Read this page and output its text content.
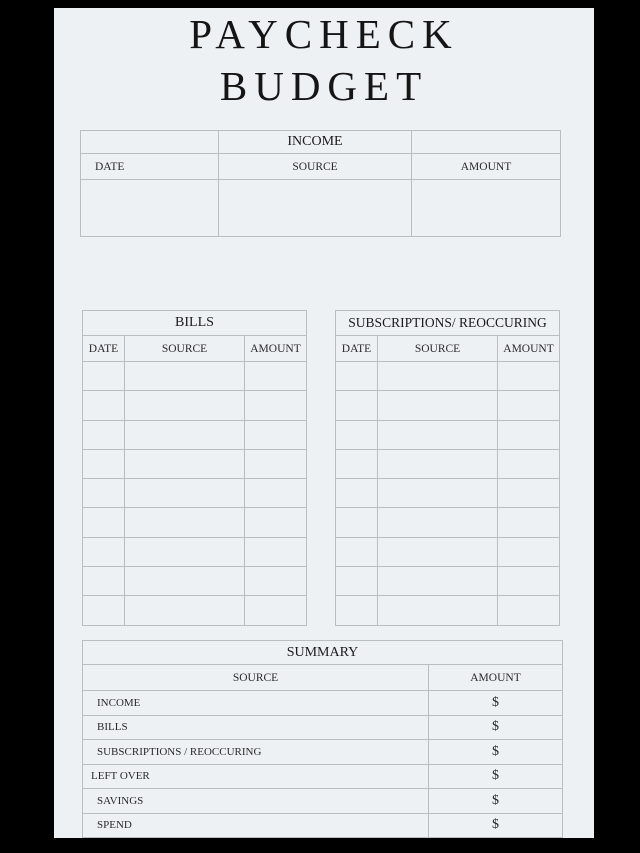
PAYCHECK
BUDGET
	INCOME	
DATE	SOURCE	AMOUNT

BILLS		
DATE	SOURCE	AMOUNT

SUBSCRIPTIONS/ REOCCURING		
DATE	SOURCE	AMOUNT

SUMMARY	
SOURCE	AMOUNT
INCOME	$
BILLS	$
SUBSCRIPTIONS / REOCCURING	$
LEFT OVER	$
SAVINGS	$
SPEND	$
